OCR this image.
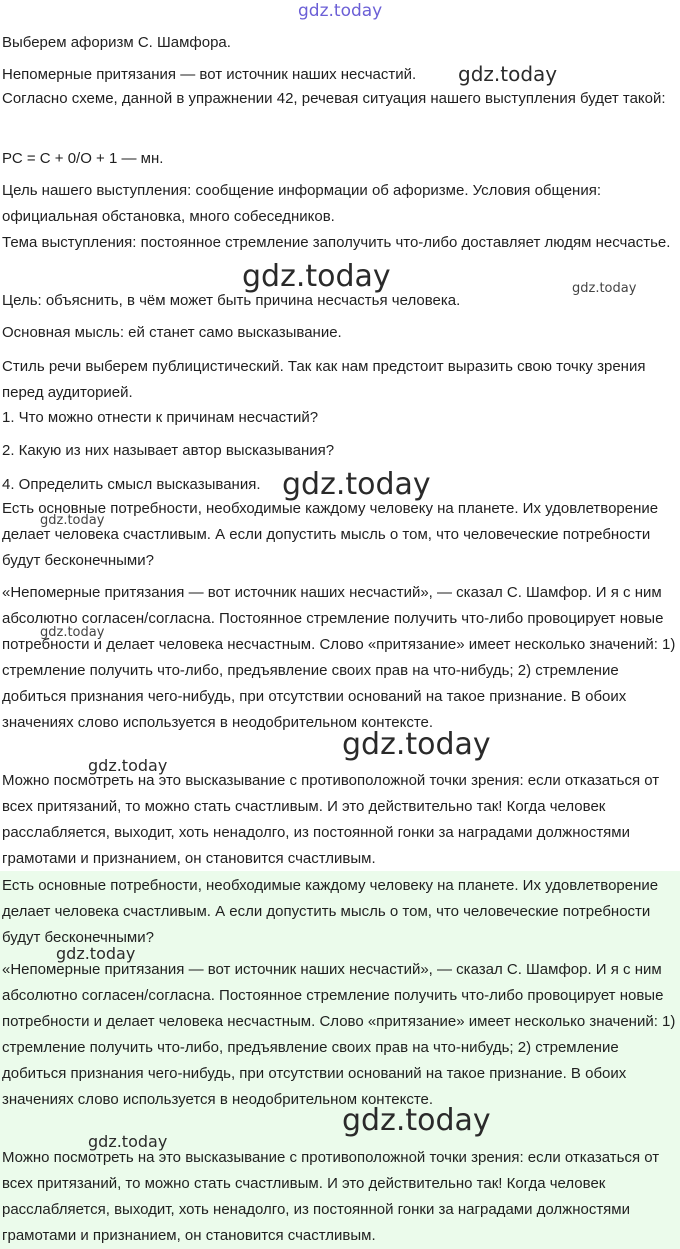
Выберем афоризм С. Шамфора.

Непомерные притязания — вот источник наших несчастий.

Согласно схеме, данной в упражнении 42, речевая ситуация нашего выступления будет такой:

РС = С + 0/О + 1 — мн.

Цель нашего выступления: сообщение информации об афоризме. Условия общения: официальная обстановка, много собеседников.

Тема выступления: постоянное стремление заполучить что-либо доставляет людям несчастье.

Цель: объяснить, в чём может быть причина несчастья человека.

Основная мысль: ей станет само высказывание.

Стиль речи выберем публицистический. Так как нам предстоит выразить свою точку зрения перед аудиторией.

1. Что можно отнести к причинам несчастий?

2. Какую из них называет автор высказывания?

4. Определить смысл высказывания.

Есть основные потребности, необходимые каждому человеку на планете. Их удовлетворение делает человека счастливым. А если допустить мысль о том, что человеческие потребности будут бесконечными?

«Непомерные притязания — вот источник наших несчастий», — сказал С. Шамфор. И я с ним абсолютно согласен/согласна. Постоянное стремление получить что-либо провоцирует новые потребности и делает человека несчастным. Слово «притязание» имеет несколько значений: 1) стремление получить что-либо, предъявление своих прав на что-нибудь; 2) стремление добиться признания чего-нибудь, при отсутствии оснований на такое признание. В обоих значениях слово используется в неодобрительном контексте.

Можно посмотреть на это высказывание с противоположной точки зрения: если отказаться от всех притязаний, то можно стать счастливым. И это действительно так! Когда человек расслабляется, выходит, хоть ненадолго, из постоянной гонки за наградами должностями грамотами и признанием, он становится счастливым.

Есть основные потребности, необходимые каждому человеку на планете. Их удовлетворение делает человека счастливым. А если допустить мысль о том, что человеческие потребности будут бесконечными?

«Непомерные притязания — вот источник наших несчастий», — сказал С. Шамфор. И я с ним абсолютно согласен/согласна. Постоянное стремление получить что-либо провоцирует новые потребности и делает человека несчастным. Слово «притязание» имеет несколько значений: 1) стремление получить что-либо, предъявление своих прав на что-нибудь; 2) стремление добиться признания чего-нибудь, при отсутствии оснований на такое признание. В обоих значениях слово используется в неодобрительном контексте.

Можно посмотреть на это высказывание с противоположной точки зрения: если отказаться от всех притязаний, то можно стать счастливым. И это действительно так! Когда человек расслабляется, выходит, хоть ненадолго, из постоянной гонки за наградами должностями грамотами и признанием, он становится счастливым.

gdz.today
gdz.today
gdz.today	gdz.today
gdz.today
gdz.today
gdz.today
gdz.today
gdz.today
gdz.today
gdz.today
gdz.today
